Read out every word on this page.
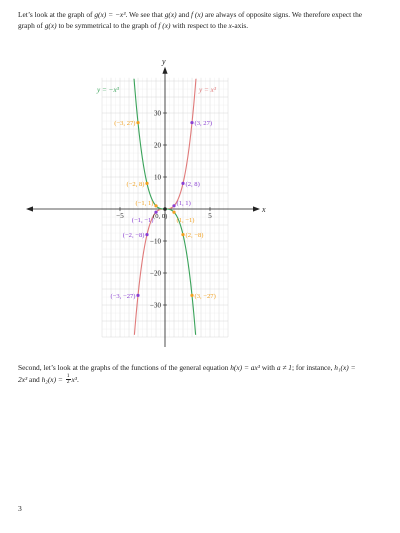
Let’s look at the graph of g(x) = −x³. We see that g(x) and f (x) are always of opposite signs. We therefore expect the graph of g(x) to be symmetrical to the graph of f (x) with respect to the x-axis.
x
y
−5	5
30
20
10
−10
−20
−30
y = x³
y = −x³
(−3, −27)
(−2, −8)
(−1, −1)
(1, 1)
(2, 8)
(3, 27)
(−3, 27)
(−2, 8)
(−1, 1)
(1, −1)
(2, −8)
(3, −27)
(0, 0)
Second, let’s look at the graphs of the functions of the general equation h(x) = ax³ with a ≠ 1; for instance, h₁(x) = 2x³ and $h_2(x) = \frac{1}{2} x^3$.
3
